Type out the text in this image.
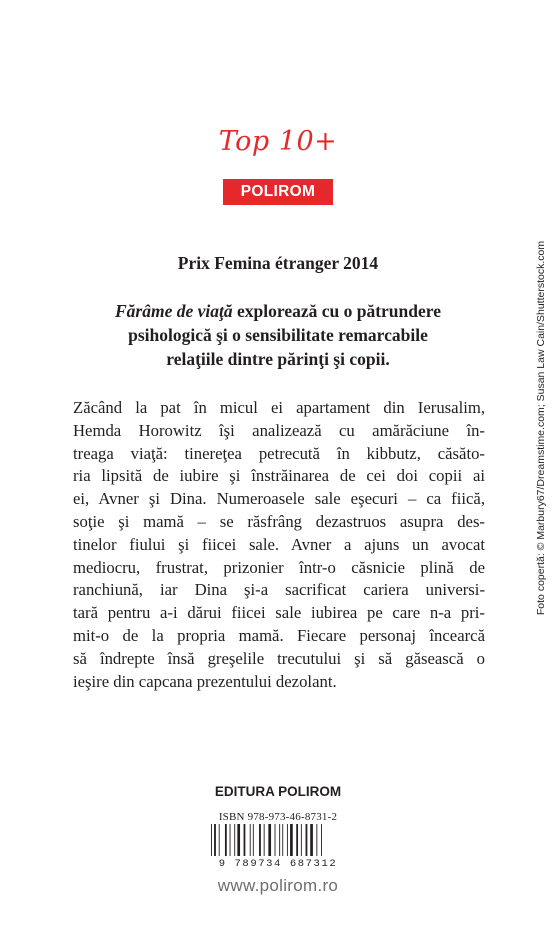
Top 10+
POLIROM
Prix Femina étranger 2014
Fărâme de viaţă explorează cu o pătrundere
psihologică şi o sensibilitate remarcabile
relaţiile dintre părinţi şi copii.
Zăcând la pat în micul ei apartament din Ierusalim,
Hemda Horowitz îşi analizează cu amărăciune în-
treaga viaţă: tinereţea petrecută în kibbutz, căsăto-
ria lipsită de iubire şi înstrăinarea de cei doi copii ai
ei, Avner şi Dina. Numeroasele sale eşecuri – ca fiică,
soţie şi mamă – se răsfrâng dezastruos asupra des-
tinelor fiului şi fiicei sale. Avner a ajuns un avocat
mediocru, frustrat, prizonier într-o căsnicie plină de
ranchiună, iar Dina şi-a sacrificat cariera universi-
tară pentru a-i dărui fiicei sale iubirea pe care n-a pri-
mit-o de la propria mamă. Fiecare personaj încearcă
să îndrepte însă greşelile trecutului şi să găsească o
ieşire din capcana prezentului dezolant.
EDITURA POLIROM
ISBN 978-973-46-8731-2
9 789734 687312
www.polirom.ro
Foto copertă: © Marbury67/Dreamstime.com; Susan Law Cain/Shutterstock.com
